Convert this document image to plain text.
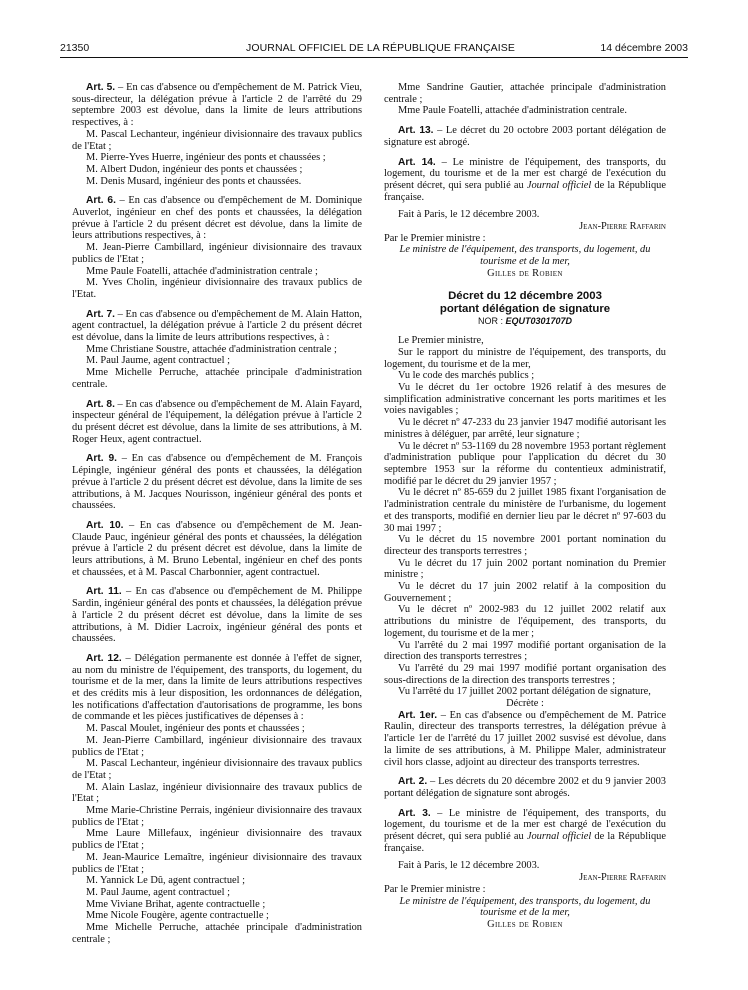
21350	JOURNAL OFFICIEL DE LA RÉPUBLIQUE FRANÇAISE	14 décembre 2003

Art. 5. – En cas d'absence ou d'empêchement de M. Patrick Vieu, sous-directeur, la délégation prévue à l'article 2 de l'arrêté du 29 septembre 2003 est dévolue, dans la limite de leurs attributions respectives, à :

M. Pascal Lechanteur, ingénieur divisionnaire des travaux publics de l'Etat ;

M. Pierre-Yves Huerre, ingénieur des ponts et chaussées ;

M. Albert Dudon, ingénieur des ponts et chaussées ;

M. Denis Musard, ingénieur des ponts et chaussées.

Art. 6. – En cas d'absence ou d'empêchement de M. Dominique Auverlot, ingénieur en chef des ponts et chaussées, la délégation prévue à l'article 2 du présent décret est dévolue, dans la limite de leurs attributions respectives, à :

M. Jean-Pierre Cambillard, ingénieur divisionnaire des travaux publics de l'Etat ;

Mme Paule Foatelli, attachée d'administration centrale ;

M. Yves Cholin, ingénieur divisionnaire des travaux publics de l'Etat.

Art. 7. – En cas d'absence ou d'empêchement de M. Alain Hatton, agent contractuel, la délégation prévue à l'article 2 du présent décret est dévolue, dans la limite de leurs attributions respectives, à :

Mme Christiane Soustre, attachée d'administration centrale ;

M. Paul Jaume, agent contractuel ;

Mme Michelle Perruche, attachée principale d'administration centrale.

Art. 8. – En cas d'absence ou d'empêchement de M. Alain Fayard, inspecteur général de l'équipement, la délégation prévue à l'article 2 du présent décret est dévolue, dans la limite de ses attributions, à M. Roger Heux, agent contractuel.

Art. 9. – En cas d'absence ou d'empêchement de M. François Lépingle, ingénieur général des ponts et chaussées, la délégation prévue à l'article 2 du présent décret est dévolue, dans la limite de ses attributions, à M. Jacques Nourisson, ingénieur général des ponts et chaussées.

Art. 10. – En cas d'absence ou d'empêchement de M. Jean-Claude Pauc, ingénieur général des ponts et chaussées, la délégation prévue à l'article 2 du présent décret est dévolue, dans la limite de leurs attributions, à M. Bruno Lebental, ingénieur en chef des ponts et chaussées, et à M. Pascal Charbonnier, agent contractuel.

Art. 11. – En cas d'absence ou d'empêchement de M. Philippe Sardin, ingénieur général des ponts et chaussées, la délégation prévue à l'article 2 du présent décret est dévolue, dans la limite de ses attributions, à M. Didier Lacroix, ingénieur général des ponts et chaussées.

Art. 12. – Délégation permanente est donnée à l'effet de signer, au nom du ministre de l'équipement, des transports, du logement, du tourisme et de la mer, dans la limite de leurs attributions respectives et des crédits mis à leur disposition, les ordonnances de délégation, les notifications d'affectation d'autorisations de programme, les bons de commande et les pièces justificatives de dépenses à :

M. Pascal Moulet, ingénieur des ponts et chaussées ;

M. Jean-Pierre Cambillard, ingénieur divisionnaire des travaux publics de l'Etat ;

M. Pascal Lechanteur, ingénieur divisionnaire des travaux publics de l'Etat ;

M. Alain Laslaz, ingénieur divisionnaire des travaux publics de l'Etat ;

Mme Marie-Christine Perrais, ingénieur divisionnaire des travaux publics de l'Etat ;

Mme Laure Millefaux, ingénieur divisionnaire des travaux publics de l'Etat ;

M. Jean-Maurice Lemaître, ingénieur divisionnaire des travaux publics de l'Etat ;

M. Yannick Le Dû, agent contractuel ;

M. Paul Jaume, agent contractuel ;

Mme Viviane Brihat, agente contractuelle ;

Mme Nicole Fougère, agente contractuelle ;

Mme Michelle Perruche, attachée principale d'administration centrale ;

Mme Sandrine Gautier, attachée principale d'administration centrale ;

Mme Paule Foatelli, attachée d'administration centrale.

Art. 13. – Le décret du 20 octobre 2003 portant délégation de signature est abrogé.

Art. 14. – Le ministre de l'équipement, des transports, du logement, du tourisme et de la mer est chargé de l'exécution du présent décret, qui sera publié au Journal officiel de la République française.

Fait à Paris, le 12 décembre 2003.

Jean-Pierre Raffarin

Par le Premier ministre :

Le ministre de l'équipement, des transports, du logement, du tourisme et de la mer,

Gilles de Robien

Décret du 12 décembre 2003
portant délégation de signature

NOR : EQUT0301707D

Le Premier ministre,

Sur le rapport du ministre de l'équipement, des transports, du logement, du tourisme et de la mer,

Vu le code des marchés publics ;

Vu le décret du 1er octobre 1926 relatif à des mesures de simplification administrative concernant les ports maritimes et les voies navigables ;

Vu le décret nº 47-233 du 23 janvier 1947 modifié autorisant les ministres à déléguer, par arrêté, leur signature ;

Vu le décret nº 53-1169 du 28 novembre 1953 portant règlement d'administration publique pour l'application du décret du 30 septembre 1953 sur la réforme du contentieux administratif, modifié par le décret du 29 janvier 1957 ;

Vu le décret nº 85-659 du 2 juillet 1985 fixant l'organisation de l'administration centrale du ministère de l'urbanisme, du logement et des transports, modifié en dernier lieu par le décret nº 97-603 du 30 mai 1997 ;

Vu le décret du 15 novembre 2001 portant nomination du directeur des transports terrestres ;

Vu le décret du 17 juin 2002 portant nomination du Premier ministre ;

Vu le décret du 17 juin 2002 relatif à la composition du Gouvernement ;

Vu le décret nº 2002-983 du 12 juillet 2002 relatif aux attributions du ministre de l'équipement, des transports, du logement, du tourisme et de la mer ;

Vu l'arrêté du 2 mai 1997 modifié portant organisation de la direction des transports terrestres ;

Vu l'arrêté du 29 mai 1997 modifié portant organisation des sous-directions de la direction des transports terrestres ;

Vu l'arrêté du 17 juillet 2002 portant délégation de signature,

Décrète :

Art. 1er. – En cas d'absence ou d'empêchement de M. Patrice Raulin, directeur des transports terrestres, la délégation prévue à l'article 1er de l'arrêté du 17 juillet 2002 susvisé est dévolue, dans la limite de ses attributions, à M. Philippe Maler, administrateur civil hors classe, adjoint au directeur des transports terrestres.

Art. 2. – Les décrets du 20 décembre 2002 et du 9 janvier 2003 portant délégation de signature sont abrogés.

Art. 3. – Le ministre de l'équipement, des transports, du logement, du tourisme et de la mer est chargé de l'exécution du présent décret, qui sera publié au Journal officiel de la République française.

Fait à Paris, le 12 décembre 2003.

Jean-Pierre Raffarin

Par le Premier ministre :

Le ministre de l'équipement, des transports, du logement, du tourisme et de la mer,

Gilles de Robien
